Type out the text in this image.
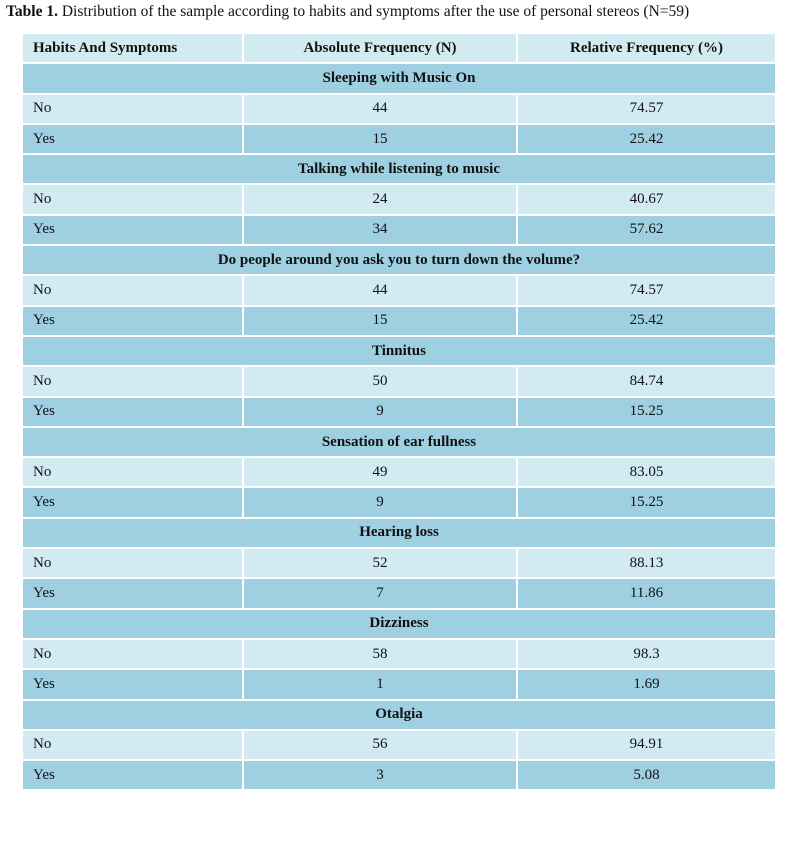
Table 1. Distribution of the sample according to habits and symptoms after the use of personal stereos (N=59)
Habits And Symptoms	Absolute Frequency (N)	Relative Frequency (%)
Sleeping with Music On		
No	44	74.57
Yes	15	25.42
Talking while listening to music		
No	24	40.67
Yes	34	57.62
Do people around you ask you to turn down the volume?		
No	44	74.57
Yes	15	25.42
Tinnitus		
No	50	84.74
Yes	9	15.25
Sensation of ear fullness		
No	49	83.05
Yes	9	15.25
Hearing loss		
No	52	88.13
Yes	7	11.86
Dizziness		
No	58	98.3
Yes	1	1.69
Otalgia		
No	56	94.91
Yes	3	5.08
